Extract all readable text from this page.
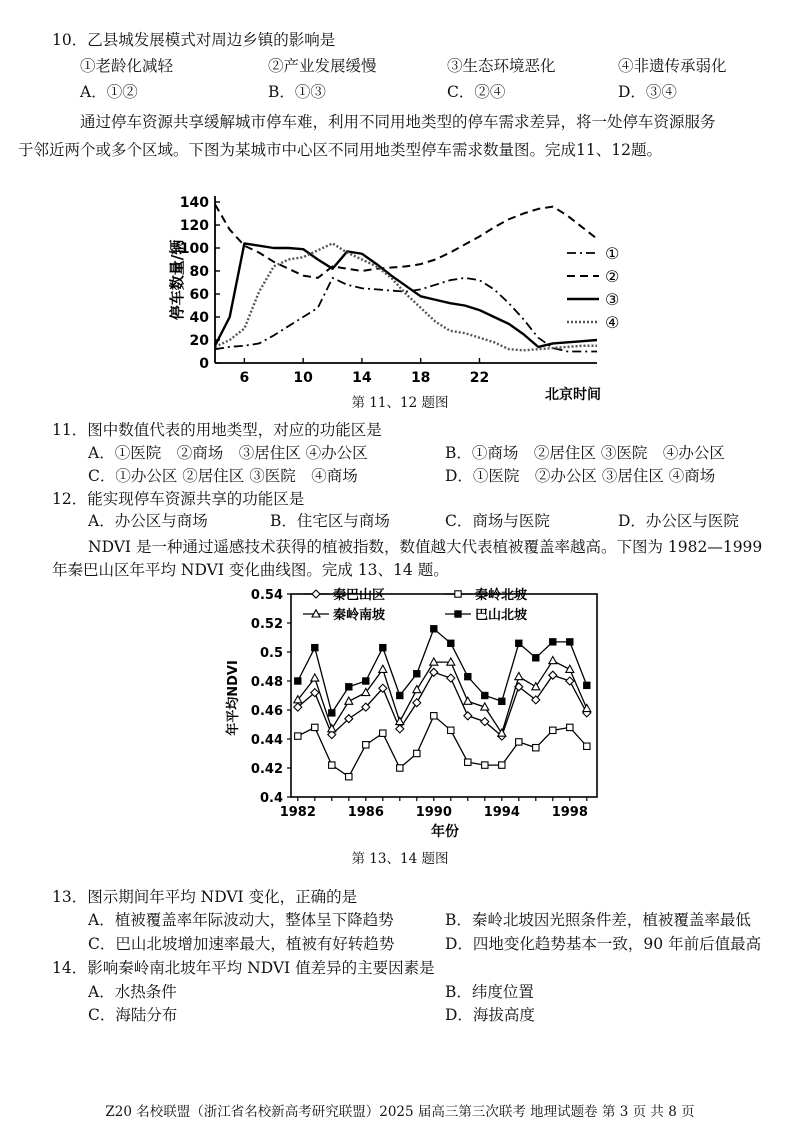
10．乙县城发展模式对周边乡镇的影响是
①老龄化减轻	②产业发展缓慢	③生态环境恶化	④非遗传承弱化
A．①②	B．①③	C．②④	D．③④
通过停车资源共享缓解城市停车难，利用不同用地类型的停车需求差异，将一处停车资源服务
于邻近两个或多个区域。下图为某城市中心区不同用地类型停车需求数量图。完成11、12题。
0
20
40
60
80
100
120
140
6	10	14	18	22
①
②
③
④
停车数量/辆
北京时间
第 11、12 题图
11．图中数值代表的用地类型，对应的功能区是
A．①医院　②商场　③居住区 ④办公区	B．①商场　②居住区 ③医院　④办公区
C．①办公区 ②居住区 ③医院　④商场	D．①医院　②办公区 ③居住区 ④商场
12．能实现停车资源共享的功能区是
A．办公区与商场	B．住宅区与商场	C．商场与医院	D．办公区与医院
NDVI 是一种通过遥感技术获得的植被指数，数值越大代表植被覆盖率越高。下图为 1982—1999
年秦巴山区年平均 NDVI 变化曲线图。完成 13、14 题。
0.4
0.42
0.44
0.46
0.48
0.5
0.52
0.54
1982 1986 1990 1994 1998
秦巴山区	秦岭北坡
秦岭南坡	巴山北坡
年平均NDVI
年份
第 13、14 题图
13．图示期间年平均 NDVI 变化，正确的是
A．植被覆盖率年际波动大，整体呈下降趋势	B．秦岭北坡因光照条件差，植被覆盖率最低
C．巴山北坡增加速率最大，植被有好转趋势	D．四地变化趋势基本一致，90 年前后值最高
14．影响秦岭南北坡年平均 NDVI 值差异的主要因素是
A．水热条件	B．纬度位置
C．海陆分布	D．海拔高度
Z20 名校联盟（浙江省名校新高考研究联盟）2025 届高三第三次联考 地理试题卷 第 3 页 共 8 页
